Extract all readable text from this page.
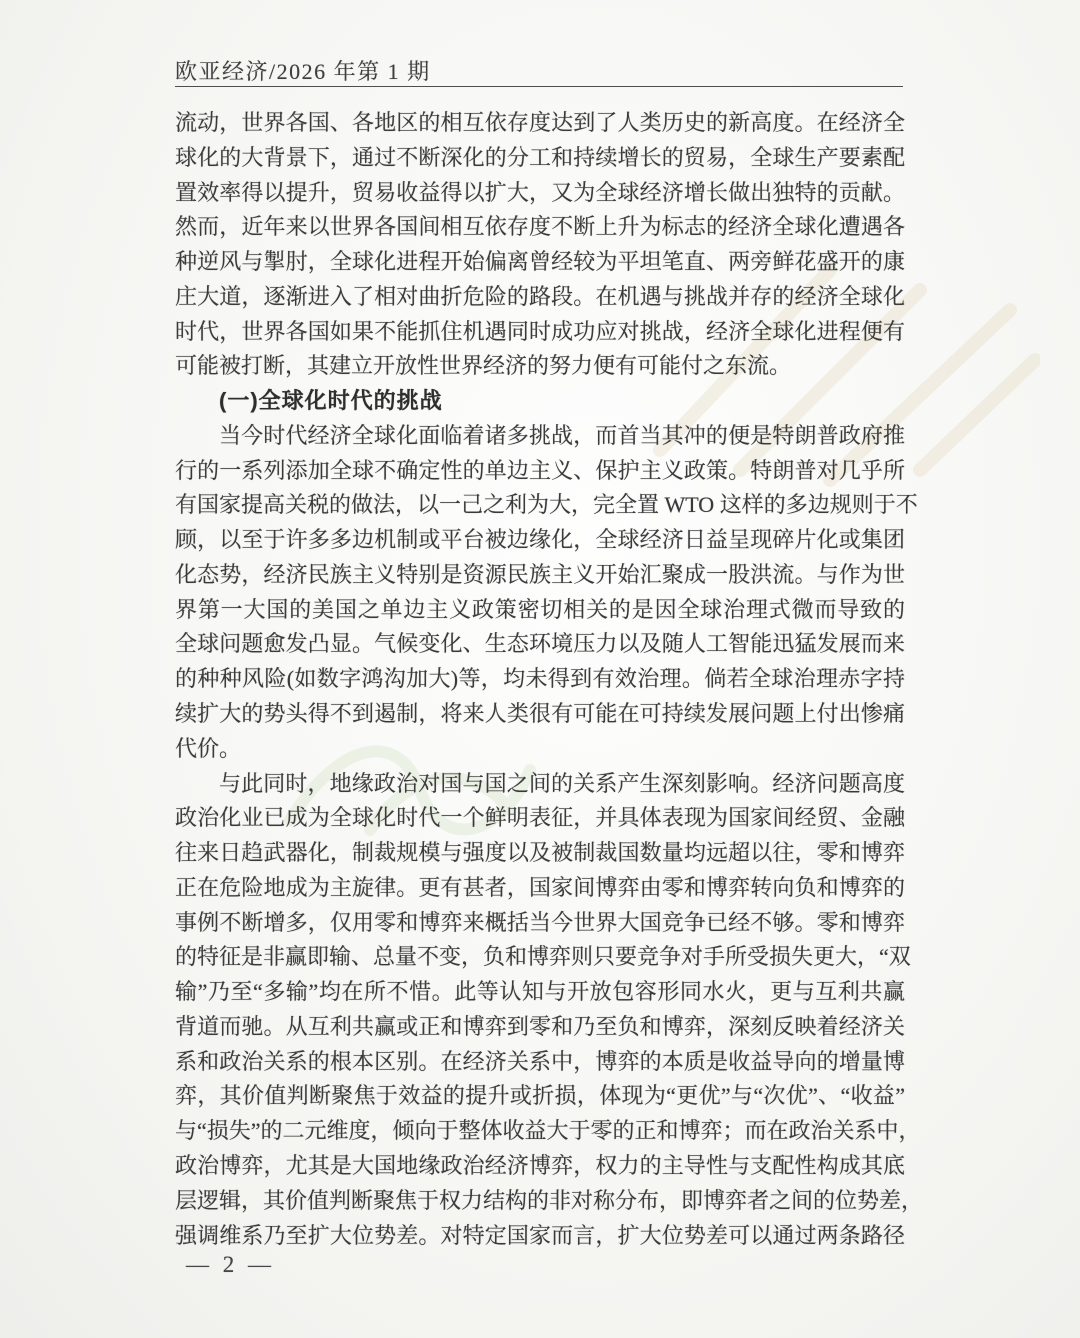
欧亚经济/2026 年第 1 期
流动，世界各国、各地区的相互依存度达到了人类历史的新高度。在经济全
球化的大背景下，通过不断深化的分工和持续增长的贸易，全球生产要素配
置效率得以提升，贸易收益得以扩大，又为全球经济增长做出独特的贡献。
然而，近年来以世界各国间相互依存度不断上升为标志的经济全球化遭遇各
种逆风与掣肘，全球化进程开始偏离曾经较为平坦笔直、两旁鲜花盛开的康
庄大道，逐渐进入了相对曲折危险的路段。在机遇与挑战并存的经济全球化
时代，世界各国如果不能抓住机遇同时成功应对挑战，经济全球化进程便有
可能被打断，其建立开放性世界经济的努力便有可能付之东流。
(一)全球化时代的挑战
当今时代经济全球化面临着诸多挑战，而首当其冲的便是特朗普政府推
行的一系列添加全球不确定性的单边主义、保护主义政策。特朗普对几乎所
有国家提高关税的做法，以一己之利为大，完全置 WTO 这样的多边规则于不
顾，以至于许多多边机制或平台被边缘化，全球经济日益呈现碎片化或集团
化态势，经济民族主义特别是资源民族主义开始汇聚成一股洪流。与作为世
界第一大国的美国之单边主义政策密切相关的是因全球治理式微而导致的
全球问题愈发凸显。气候变化、生态环境压力以及随人工智能迅猛发展而来
的种种风险(如数字鸿沟加大)等，均未得到有效治理。倘若全球治理赤字持
续扩大的势头得不到遏制，将来人类很有可能在可持续发展问题上付出惨痛
代价。
与此同时，地缘政治对国与国之间的关系产生深刻影响。经济问题高度
政治化业已成为全球化时代一个鲜明表征，并具体表现为国家间经贸、金融
往来日趋武器化，制裁规模与强度以及被制裁国数量均远超以往，零和博弈
正在危险地成为主旋律。更有甚者，国家间博弈由零和博弈转向负和博弈的
事例不断增多，仅用零和博弈来概括当今世界大国竞争已经不够。零和博弈
的特征是非赢即输、总量不变，负和博弈则只要竞争对手所受损失更大，“双
输”乃至“多输”均在所不惜。此等认知与开放包容形同水火，更与互利共赢
背道而驰。从互利共赢或正和博弈到零和乃至负和博弈，深刻反映着经济关
系和政治关系的根本区别。在经济关系中，博弈的本质是收益导向的增量博
弈，其价值判断聚焦于效益的提升或折损，体现为“更优”与“次优”、“收益”
与“损失”的二元维度，倾向于整体收益大于零的正和博弈；而在政治关系中，
政治博弈，尤其是大国地缘政治经济博弈，权力的主导性与支配性构成其底
层逻辑，其价值判断聚焦于权力结构的非对称分布，即博弈者之间的位势差，
强调维系乃至扩大位势差。对特定国家而言，扩大位势差可以通过两条路径
— 2 —
